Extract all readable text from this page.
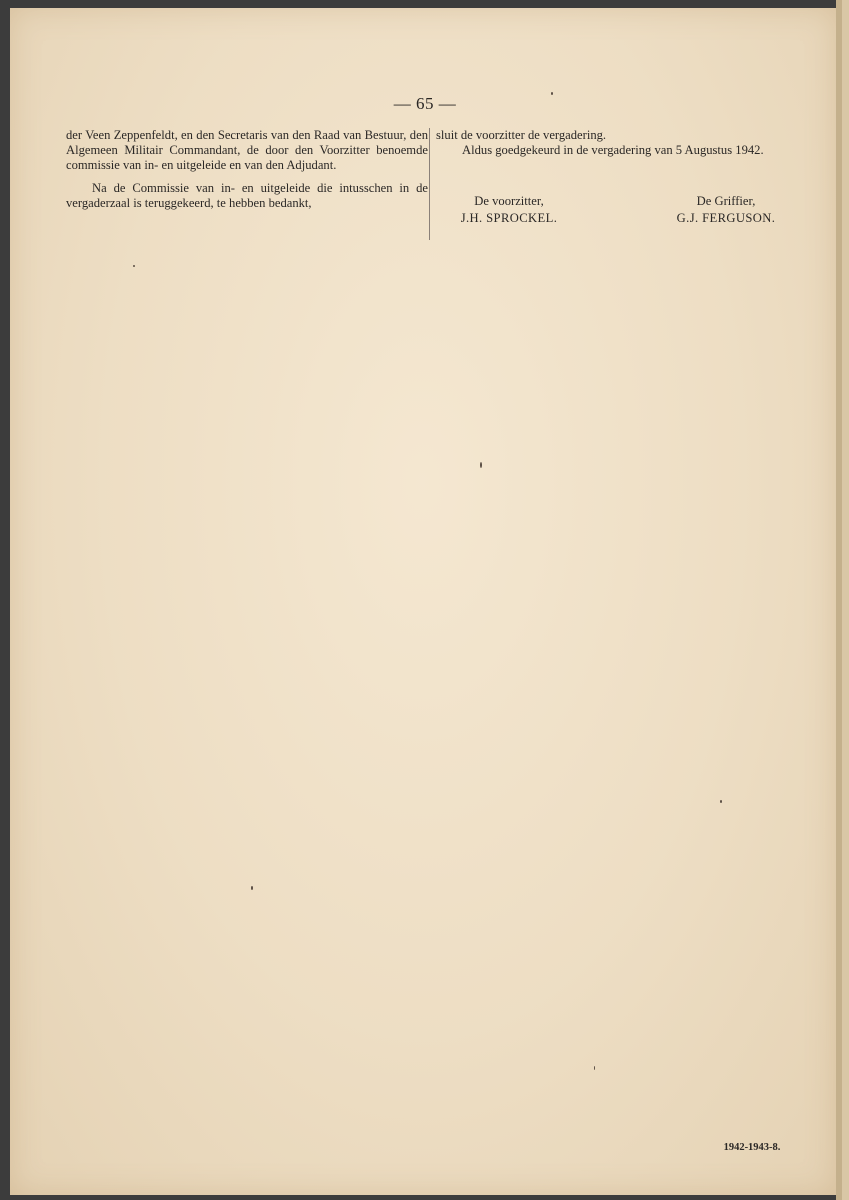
— 65 —

der Veen Zeppenfeldt, en den Secretaris van den Raad van Bestuur, den Algemeen Militair Commandant, de door den Voorzitter benoemde commissie van in- en uitgeleide en van den Adjudant.

Na de Commissie van in- en uitgeleide die intusschen in de vergaderzaal is teruggekeerd, te hebben bedankt,

sluit de voorzitter de vergadering.

Aldus goedgekeurd in de vergadering van 5 Augustus 1942.

De voorzitter,
J.H. SPROCKEL.
De Griffier,
G.J. FERGUSON.
1942-1943-8.
